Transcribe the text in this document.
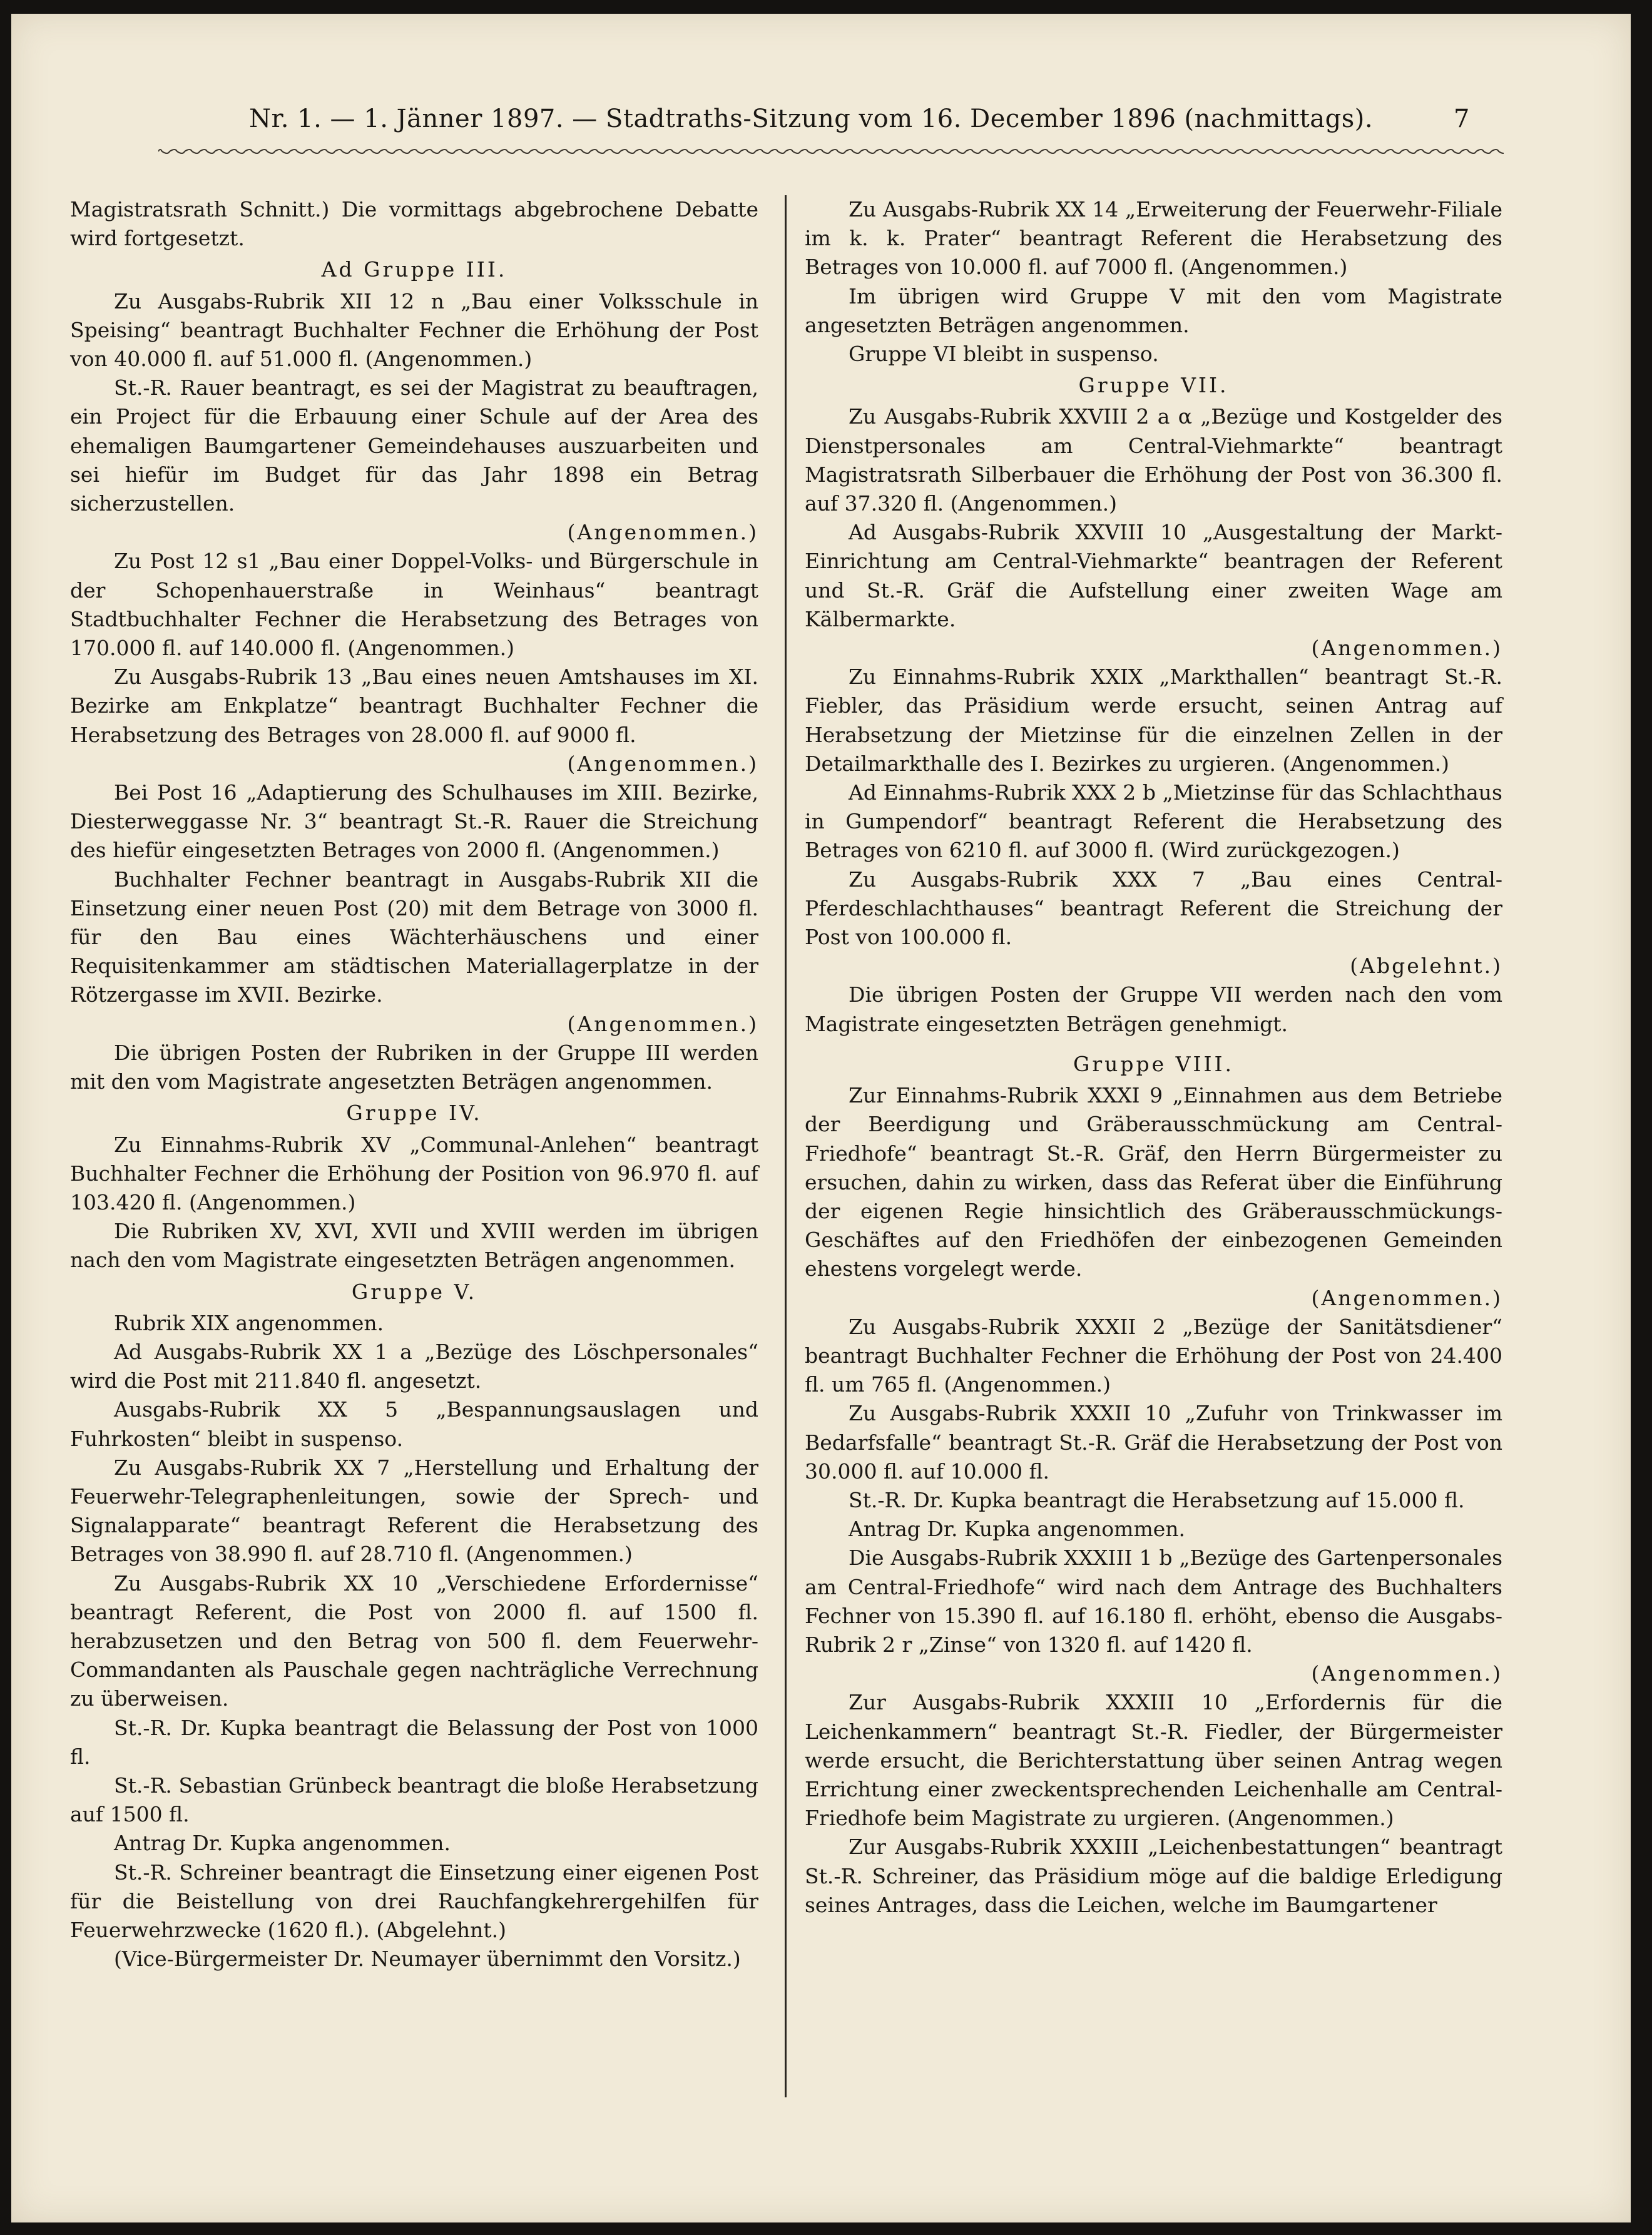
Nr. 1. — 1. Jänner 1897. — Stadtraths-Sitzung vom 16. December 1896 (nachmittags).	7

Magistratsrath Schnitt.) Die vormittags abgebrochene Debatte wird fortgesetzt.

Ad Gruppe III.

Zu Ausgabs-Rubrik XII 12 n „Bau einer Volksschule in Speising“ beantragt Buchhalter Fechner die Erhöhung der Post von 40.000 fl. auf 51.000 fl. (Angenommen.)

St.-R. Rauer beantragt, es sei der Magistrat zu beauftragen, ein Project für die Erbauung einer Schule auf der Area des ehemaligen Baumgartener Gemeindehauses auszuarbeiten und sei hiefür im Budget für das Jahr 1898 ein Betrag sicherzustellen.

(Angenommen.)

Zu Post 12 s1 „Bau einer Doppel-Volks- und Bürgerschule in der Schopenhauerstraße in Weinhaus“ beantragt Stadtbuchhalter Fechner die Herabsetzung des Betrages von 170.000 fl. auf 140.000 fl. (Angenommen.)

Zu Ausgabs-Rubrik 13 „Bau eines neuen Amtshauses im XI. Bezirke am Enkplatze“ beantragt Buchhalter Fechner die Herabsetzung des Betrages von 28.000 fl. auf 9000 fl.

(Angenommen.)

Bei Post 16 „Adaptierung des Schulhauses im XIII. Bezirke, Diesterweggasse Nr. 3“ beantragt St.-R. Rauer die Streichung des hiefür eingesetzten Betrages von 2000 fl. (Angenommen.)

Buchhalter Fechner beantragt in Ausgabs-Rubrik XII die Einsetzung einer neuen Post (20) mit dem Betrage von 3000 fl. für den Bau eines Wächterhäuschens und einer Requisitenkammer am städtischen Materiallagerplatze in der Rötzergasse im XVII. Bezirke.

(Angenommen.)

Die übrigen Posten der Rubriken in der Gruppe III werden mit den vom Magistrate angesetzten Beträgen angenommen.

Gruppe IV.

Zu Einnahms-Rubrik XV „Communal-Anlehen“ beantragt Buchhalter Fechner die Erhöhung der Position von 96.970 fl. auf 103.420 fl. (Angenommen.)

Die Rubriken XV, XVI, XVII und XVIII werden im übrigen nach den vom Magistrate eingesetzten Beträgen angenommen.

Gruppe V.

Rubrik XIX angenommen.

Ad Ausgabs-Rubrik XX 1 a „Bezüge des Löschpersonales“ wird die Post mit 211.840 fl. angesetzt.

Ausgabs-Rubrik XX 5 „Bespannungsauslagen und Fuhrkosten“ bleibt in suspenso.

Zu Ausgabs-Rubrik XX 7 „Herstellung und Erhaltung der Feuerwehr-Telegraphenleitungen, sowie der Sprech- und Signalapparate“ beantragt Referent die Herabsetzung des Betrages von 38.990 fl. auf 28.710 fl. (Angenommen.)

Zu Ausgabs-Rubrik XX 10 „Verschiedene Erfordernisse“ beantragt Referent, die Post von 2000 fl. auf 1500 fl. herabzusetzen und den Betrag von 500 fl. dem Feuerwehr-Commandanten als Pauschale gegen nachträgliche Verrechnung zu überweisen.

St.-R. Dr. Kupka beantragt die Belassung der Post von 1000 fl.

St.-R. Sebastian Grünbeck beantragt die bloße Herabsetzung auf 1500 fl.

Antrag Dr. Kupka angenommen.

St.-R. Schreiner beantragt die Einsetzung einer eigenen Post für die Beistellung von drei Rauchfangkehrergehilfen für Feuerwehrzwecke (1620 fl.). (Abgelehnt.)

(Vice-Bürgermeister Dr. Neumayer übernimmt den Vorsitz.)

Zu Ausgabs-Rubrik XX 14 „Erweiterung der Feuerwehr-Filiale im k. k. Prater“ beantragt Referent die Herabsetzung des Betrages von 10.000 fl. auf 7000 fl. (Angenommen.)

Im übrigen wird Gruppe V mit den vom Magistrate angesetzten Beträgen angenommen.

Gruppe VI bleibt in suspenso.

Gruppe VII.

Zu Ausgabs-Rubrik XXVIII 2 a α „Bezüge und Kostgelder des Dienstpersonales am Central-Viehmarkte“ beantragt Magistratsrath Silberbauer die Erhöhung der Post von 36.300 fl. auf 37.320 fl. (Angenommen.)

Ad Ausgabs-Rubrik XXVIII 10 „Ausgestaltung der Markt-Einrichtung am Central-Viehmarkte“ beantragen der Referent und St.-R. Gräf die Aufstellung einer zweiten Wage am Kälbermarkte.

(Angenommen.)

Zu Einnahms-Rubrik XXIX „Markthallen“ beantragt St.-R. Fiebler, das Präsidium werde ersucht, seinen Antrag auf Herabsetzung der Mietzinse für die einzelnen Zellen in der Detailmarkthalle des I. Bezirkes zu urgieren. (Angenommen.)

Ad Einnahms-Rubrik XXX 2 b „Mietzinse für das Schlachthaus in Gumpendorf“ beantragt Referent die Herabsetzung des Betrages von 6210 fl. auf 3000 fl. (Wird zurückgezogen.)

Zu Ausgabs-Rubrik XXX 7 „Bau eines Central-Pferdeschlachthauses“ beantragt Referent die Streichung der Post von 100.000 fl.

(Abgelehnt.)

Die übrigen Posten der Gruppe VII werden nach den vom Magistrate eingesetzten Beträgen genehmigt.

Gruppe VIII.

Zur Einnahms-Rubrik XXXI 9 „Einnahmen aus dem Betriebe der Beerdigung und Gräberausschmückung am Central-Friedhofe“ beantragt St.-R. Gräf, den Herrn Bürgermeister zu ersuchen, dahin zu wirken, dass das Referat über die Einführung der eigenen Regie hinsichtlich des Gräberausschmückungs-Geschäftes auf den Friedhöfen der einbezogenen Gemeinden ehestens vorgelegt werde.

(Angenommen.)

Zu Ausgabs-Rubrik XXXII 2 „Bezüge der Sanitätsdiener“ beantragt Buchhalter Fechner die Erhöhung der Post von 24.400 fl. um 765 fl. (Angenommen.)

Zu Ausgabs-Rubrik XXXII 10 „Zufuhr von Trinkwasser im Bedarfsfalle“ beantragt St.-R. Gräf die Herabsetzung der Post von 30.000 fl. auf 10.000 fl.

St.-R. Dr. Kupka beantragt die Herabsetzung auf 15.000 fl.

Antrag Dr. Kupka angenommen.

Die Ausgabs-Rubrik XXXIII 1 b „Bezüge des Gartenpersonales am Central-Friedhofe“ wird nach dem Antrage des Buchhalters Fechner von 15.390 fl. auf 16.180 fl. erhöht, ebenso die Ausgabs-Rubrik 2 r „Zinse“ von 1320 fl. auf 1420 fl.

(Angenommen.)

Zur Ausgabs-Rubrik XXXIII 10 „Erfordernis für die Leichenkammern“ beantragt St.-R. Fiedler, der Bürgermeister werde ersucht, die Berichterstattung über seinen Antrag wegen Errichtung einer zweckentsprechenden Leichenhalle am Central-Friedhofe beim Magistrate zu urgieren. (Angenommen.)

Zur Ausgabs-Rubrik XXXIII „Leichenbestattungen“ beantragt St.-R. Schreiner, das Präsidium möge auf die baldige Erledigung seines Antrages, dass die Leichen, welche im Baumgartener
